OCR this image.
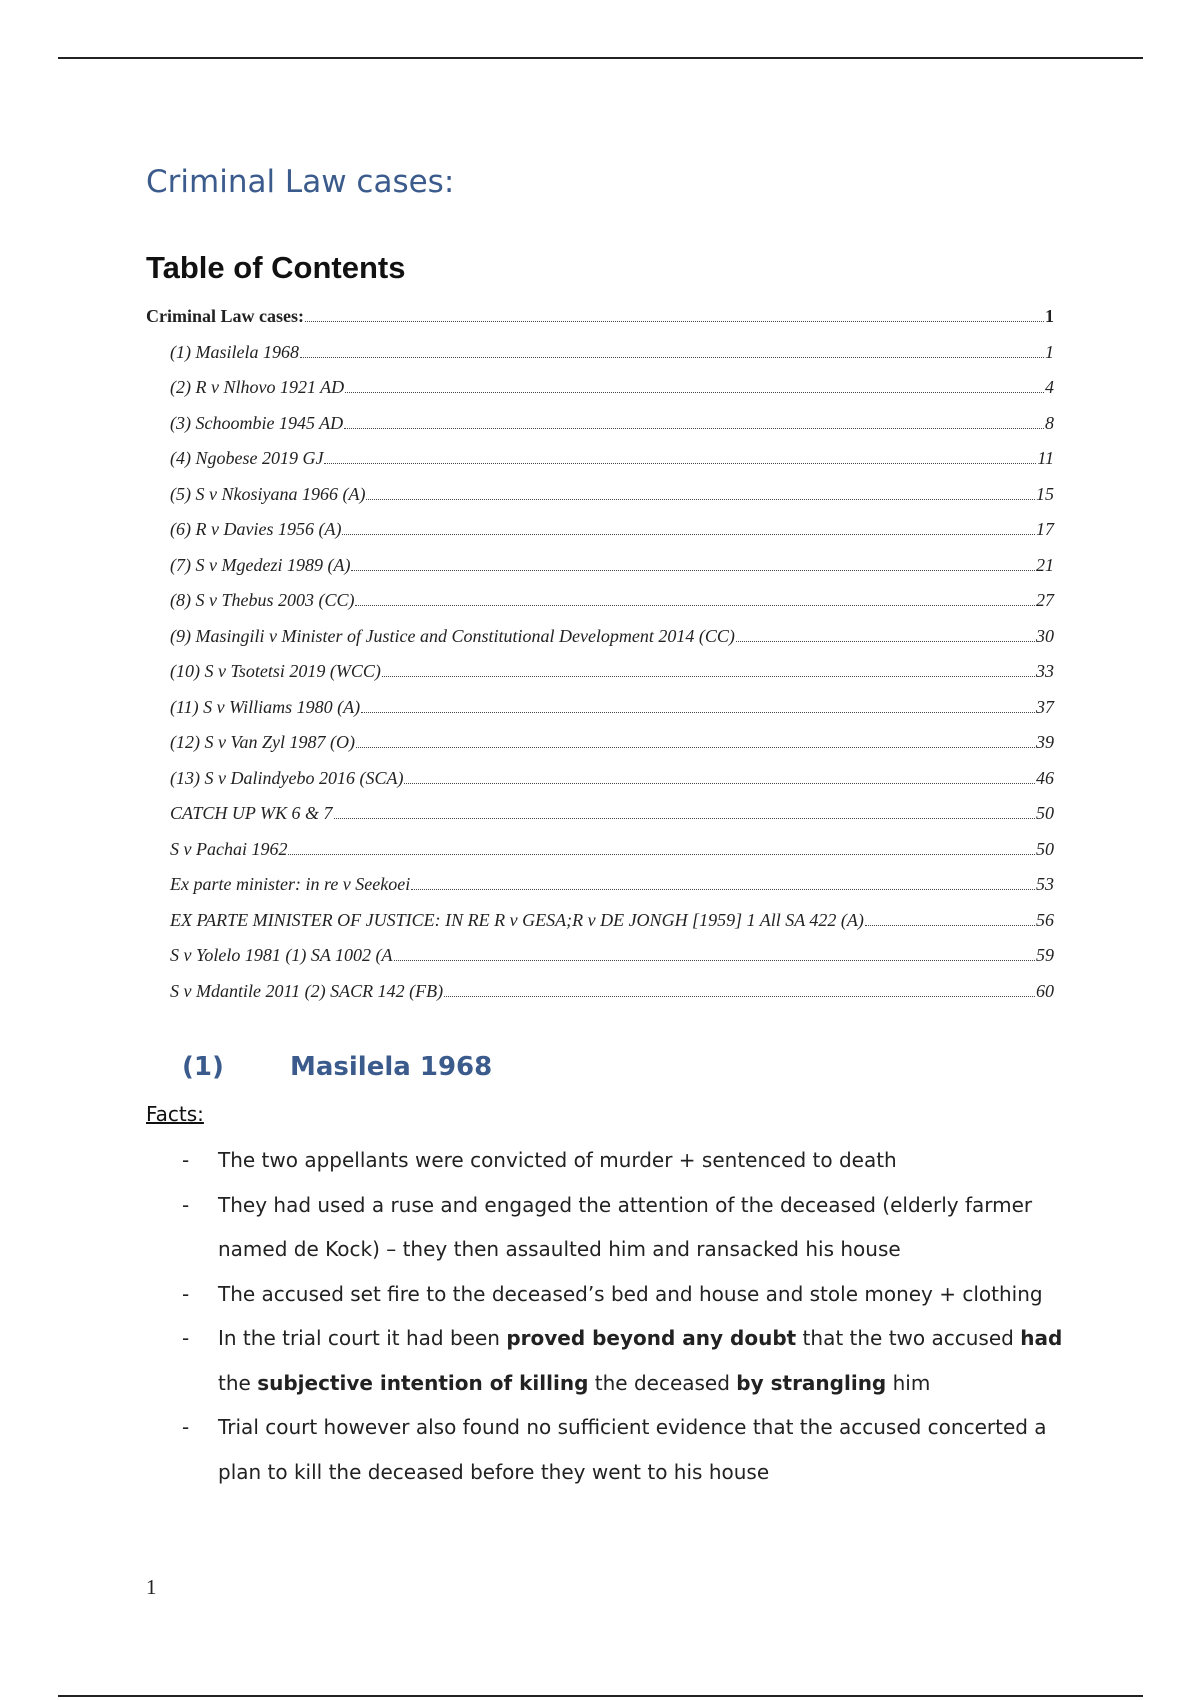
Criminal Law cases:
Table of Contents
Criminal Law cases:	1
(1) Masilela 1968	1
(2) R v Nlhovo 1921 AD	4
(3) Schoombie 1945 AD	8
(4) Ngobese 2019 GJ	11
(5) S v Nkosiyana 1966 (A)	15
(6) R v Davies 1956 (A)	17
(7) S v Mgedezi 1989 (A)	21
(8) S v Thebus 2003 (CC)	27
(9) Masingili v Minister of Justice and Constitutional Development 2014 (CC)	30
(10) S v Tsotetsi 2019 (WCC)	33
(11) S v Williams 1980 (A)	37
(12) S v Van Zyl 1987 (O)	39
(13) S v Dalindyebo 2016 (SCA)	46
CATCH UP WK 6 & 7	50
S v Pachai 1962	50
Ex parte minister: in re v Seekoei	53
EX PARTE MINISTER OF JUSTICE: IN RE R v GESA;R v DE JONGH [1959] 1 All SA 422 (A)	56
S v Yolelo 1981 (1) SA 1002 (A	59
S v Mdantile 2011 (2) SACR 142 (FB)	60
(1)	Masilela 1968
Facts:
- The two appellants were convicted of murder + sentenced to death
- They had used a ruse and engaged the attention of the deceased (elderly farmer named de Kock) – they then assaulted him and ransacked his house
- The accused set fire to the deceased’s bed and house and stole money + clothing
- In the trial court it had been proved beyond any doubt that the two accused had the subjective intention of killing the deceased by strangling him
- Trial court however also found no sufficient evidence that the accused concerted a plan to kill the deceased before they went to his house
1
